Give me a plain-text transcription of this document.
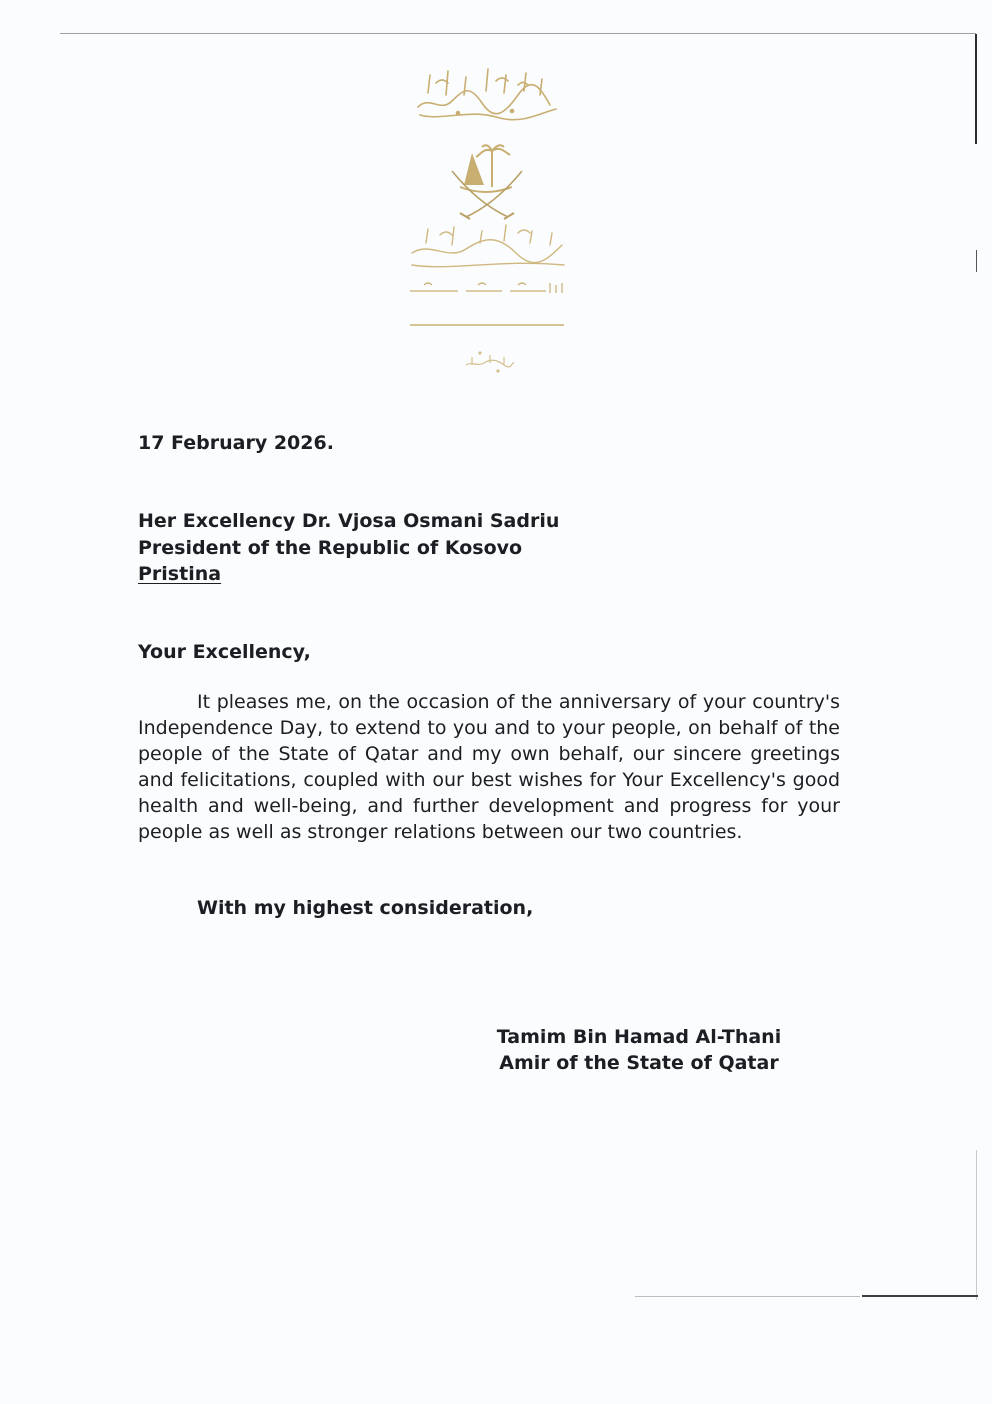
17 February 2026.
Her Excellency Dr. Vjosa Osmani Sadriu
President of the Republic of Kosovo
Pristina
Your Excellency,

It pleases me, on the occasion of the anniversary of your country's Independence Day, to extend to you and to your people, on behalf of the people of the State of Qatar and my own behalf, our sincere greetings and felicitations, coupled with our best wishes for Your Excellency's good health and well-being, and further development and progress for your people as well as stronger relations between our two countries.

With my highest consideration,
Tamim Bin Hamad Al-Thani
Amir of the State of Qatar
